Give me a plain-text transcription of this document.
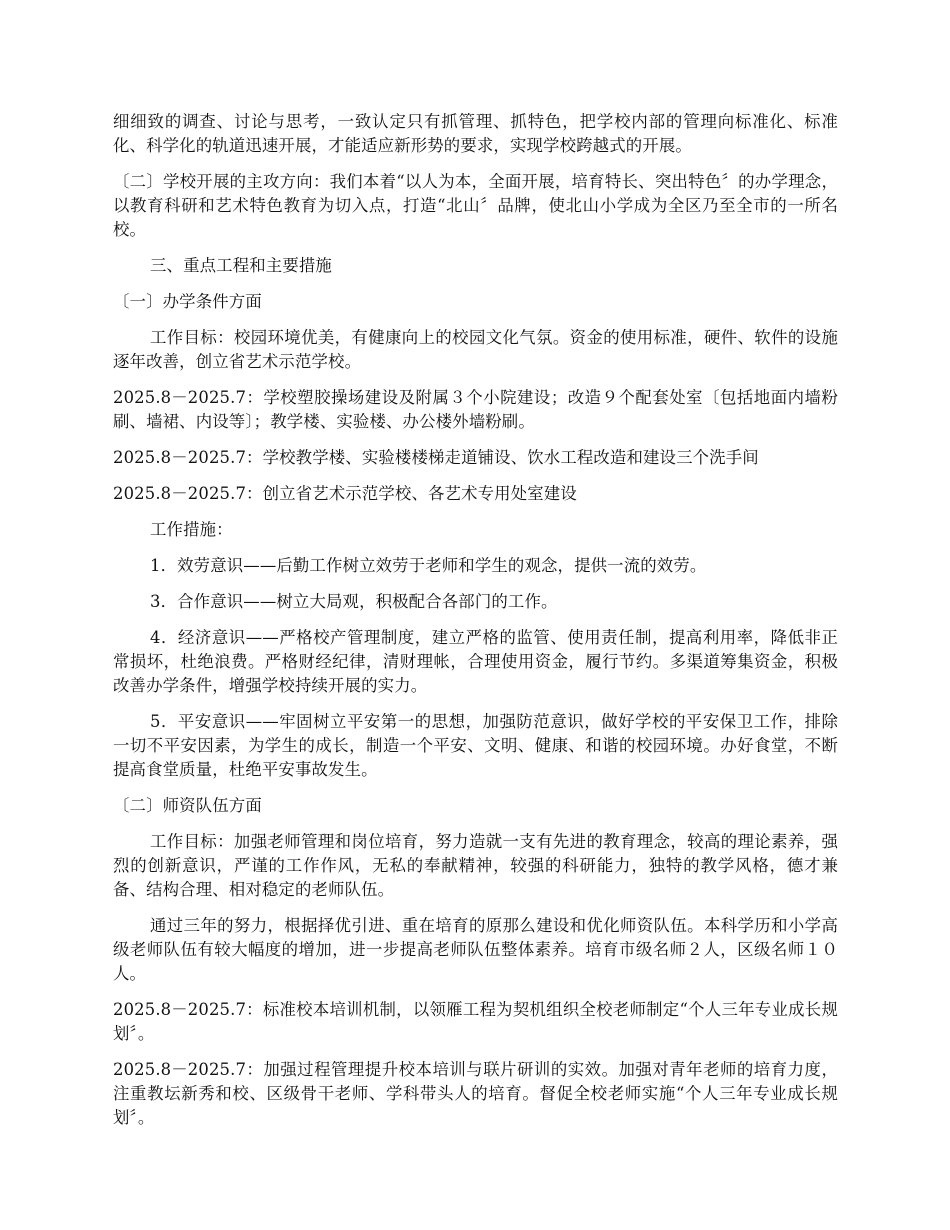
细细致的调查、讨论与思考，一致认定只有抓管理、抓特色，把学校内部的管理向标准化、标准化、科学化的轨道迅速开展，才能适应新形势的要求，实现学校跨越式的开展。

〔二〕学校开展的主攻方向：我们本着“以人为本，全面开展，培育特长、突出特色〞的办学理念，以教育科研和艺术特色教育为切入点，打造“北山〞品牌，使北山小学成为全区乃至全市的一所名校。

三、重点工程和主要措施

〔一〕办学条件方面

工作目标：校园环境优美，有健康向上的校园文化气氛。资金的使用标准，硬件、软件的设施逐年改善，创立省艺术示范学校。

2025.8－2025.7：学校塑胶操场建设及附属３个小院建设；改造９个配套处室〔包括地面内墙粉刷、墙裙、内设等〕；教学楼、实验楼、办公楼外墙粉刷。

2025.8－2025.7：学校教学楼、实验楼楼梯走道铺设、饮水工程改造和建设三个洗手间

2025.8－2025.7：创立省艺术示范学校、各艺术专用处室建设

工作措施：

1．效劳意识——后勤工作树立效劳于老师和学生的观念，提供一流的效劳。

3．合作意识——树立大局观，积极配合各部门的工作。

4．经济意识——严格校产管理制度，建立严格的监管、使用责任制，提高利用率，降低非正常损坏，杜绝浪费。严格财经纪律，清财理帐，合理使用资金，履行节约。多渠道筹集资金，积极改善办学条件，增强学校持续开展的实力。

5．平安意识——牢固树立平安第一的思想，加强防范意识，做好学校的平安保卫工作，排除一切不平安因素，为学生的成长，制造一个平安、文明、健康、和谐的校园环境。办好食堂，不断提高食堂质量，杜绝平安事故发生。

〔二〕师资队伍方面

工作目标：加强老师管理和岗位培育，努力造就一支有先进的教育理念，较高的理论素养，强烈的创新意识，严谨的工作作风，无私的奉献精神，较强的科研能力，独特的教学风格，德才兼备、结构合理、相对稳定的老师队伍。

通过三年的努力，根据择优引进、重在培育的原那么建设和优化师资队伍。本科学历和小学高级老师队伍有较大幅度的增加，进一步提高老师队伍整体素养。培育市级名师２人，区级名师１０人。

2025.8－2025.7：标准校本培训机制，以领雁工程为契机组织全校老师制定“个人三年专业成长规划〞。

2025.8－2025.7：加强过程管理提升校本培训与联片研训的实效。加强对青年老师的培育力度，注重教坛新秀和校、区级骨干老师、学科带头人的培育。督促全校老师实施“个人三年专业成长规划〞。
